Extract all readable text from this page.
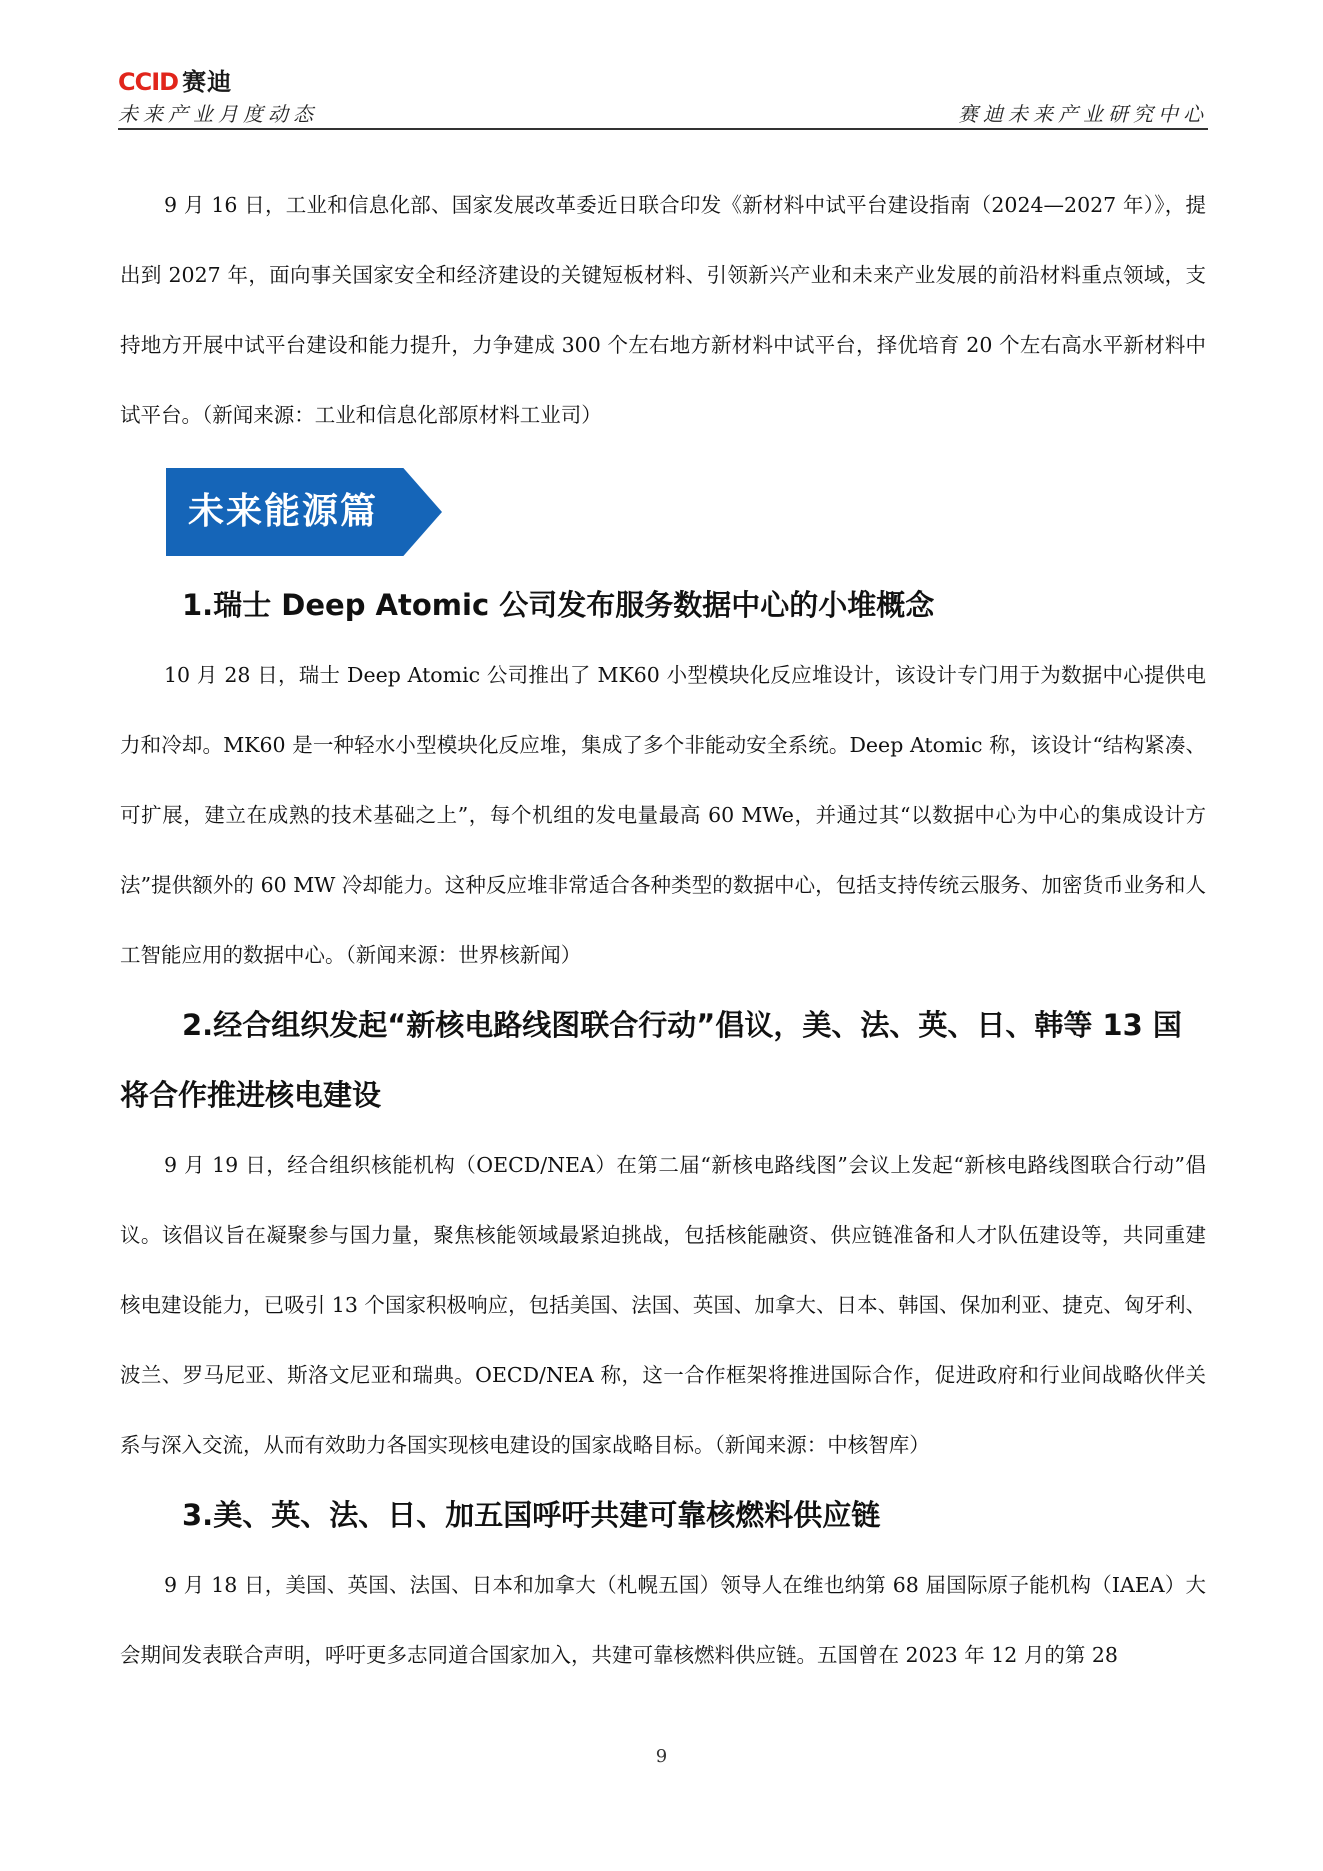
CCID 赛迪
未来产业月度动态	赛迪未来产业研究中心

9 月 16 日，工业和信息化部、国家发展改革委近日联合印发《新材料中试平台建设指南（2024—2027 年）》，提出到 2027 年，面向事关国家安全和经济建设的关键短板材料、引领新兴产业和未来产业发展的前沿材料重点领域，支持地方开展中试平台建设和能力提升，力争建成 300 个左右地方新材料中试平台，择优培育 20 个左右高水平新材料中试平台。（新闻来源：工业和信息化部原材料工业司）

未来能源篇
1.瑞士 Deep Atomic 公司发布服务数据中心的小堆概念

10 月 28 日，瑞士 Deep Atomic 公司推出了 MK60 小型模块化反应堆设计，该设计专门用于为数据中心提供电力和冷却。MK60 是一种轻水小型模块化反应堆，集成了多个非能动安全系统。Deep Atomic 称，该设计“结构紧凑、可扩展，建立在成熟的技术基础之上”，每个机组的发电量最高 60 MWe，并通过其“以数据中心为中心的集成设计方法”提供额外的 60 MW 冷却能力。这种反应堆非常适合各种类型的数据中心，包括支持传统云服务、加密货币业务和人工智能应用的数据中心。（新闻来源：世界核新闻）

2.经合组织发起“新核电路线图联合行动”倡议，美、法、英、日、韩等 13 国将合作推进核电建设

9 月 19 日，经合组织核能机构（OECD/NEA）在第二届“新核电路线图”会议上发起“新核电路线图联合行动”倡议。该倡议旨在凝聚参与国力量，聚焦核能领域最紧迫挑战，包括核能融资、供应链准备和人才队伍建设等，共同重建核电建设能力，已吸引 13 个国家积极响应，包括美国、法国、英国、加拿大、日本、韩国、保加利亚、捷克、匈牙利、波兰、罗马尼亚、斯洛文尼亚和瑞典。OECD/NEA 称，这一合作框架将推进国际合作，促进政府和行业间战略伙伴关系与深入交流，从而有效助力各国实现核电建设的国家战略目标。（新闻来源：中核智库）

3.美、英、法、日、加五国呼吁共建可靠核燃料供应链

9 月 18 日，美国、英国、法国、日本和加拿大（札幌五国）领导人在维也纳第 68 届国际原子能机构（IAEA）大会期间发表联合声明，呼吁更多志同道合国家加入，共建可靠核燃料供应链。五国曾在 2023 年 12 月的第 28

9
